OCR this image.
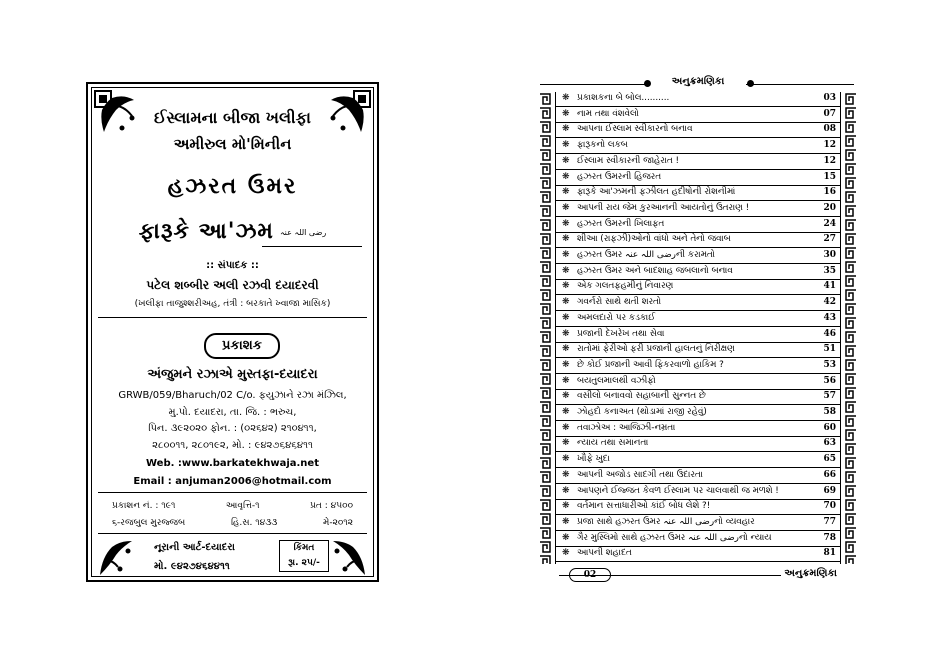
ઈસ્લામના બીજા ખલીફા
અમીરુલ મો'મિનીન
હઝરત ઉમર
ફારૂકે આ'ઝમ رضی اللہ عنہ
:: સંપાદક ::
પટેલ શબ્બીર અલી રઝવી દયાદરવી
(ખલીફા તાજુશ્શરીઅહ, તંત્રી : બરકાતે ખ્વાજા માસિક)
પ્રકાશક
અંજુમને રઝાએ મુસ્તફા-દયાદરા
GRWB/059/Bharuch/02 C/o. ફયુઝાને રઝા મંઝિલ,
મુ.પો. દયાદરા, તા. જિ. : ભરુચ,
પિન. ૩૯૨૦૨૦ ફોન. : (૦૨૬૪૨) ૨૧૦૪૧૧,
૨૮૦૦૧૧, ૨૮૦૧૯૨, મો. : ૯૪૨૭૬૪૬૪૧૧
Web. :www.barkatekhwaja.net
Email : anjuman2006@hotmail.com
પ્રકાશન નં. : ૧૯૧	આવૃત્તિ-૧	પ્રત : ૪૫૦૦
૬-રજબુલ મુરજ્જબ	હિ.સ. ૧૪૩૩	મે-૨૦૧૨
નૂરાની આર્ટ-દયાદરા
મો. ૯૪૨૭૪૬૪૪૧૧
કિંમત
રૂા. ૨૫/-
અનુક્રમણિકા
❋ પ્રકાશકના બે બોલ..........	03
❋ નામ તથા વંશવેલો	07
❋ આપના ઈસ્લામ સ્વીકારનો બનાવ	08
❋ ફારૂકનો લકબ	12
❋ ઈસ્લામ સ્વીકારની જાહેરાત !	12
❋ હઝરત ઉમરની હિજરત	15
❋ ફારૂકે આ'ઝમની ફઝીલત હદીષોની રોશનીમાં	16
❋ આપની રાય જેમ કુરઆનની આયતોનું ઉતરાણ !	20
❋ હઝરત ઉમરની ખિલાફત	24
❋ શીઆ (રાફઝી)ઓનો વાંધો અને તેનો જવાબ	27
❋ હઝરત ઉમર رضی اللہ عنہની કરામતો	30
❋ હઝરત ઉમર અને બાદશાહ જબલાનો બનાવ	35
❋ એક ગલતફહમીનું નિવારણ	41
❋ ગવર્નરો સાથે થતી શરતો	42
❋ અમલદારો પર કડકાઈ	43
❋ પ્રજાની દેખરેખ તથા સેવા	46
❋ રાતોમાં ફેરીઓ ફરી પ્રજાની હાલતનું નિરીક્ષણ	51
❋ છે કોઈ પ્રજાની આવી ફિકરવાળો હાકિમ ?	53
❋ બયતુલમાલથી વઝીફો	56
❋ વસીલો બનાવવો સહાબાની સુન્નત છે	57
❋ ઝોહદો કનાઅત (થોડામાં રાજી રહેવું)	58
❋ તવાઝોઅ : આજિઝી-નમ્રતા	60
❋ ન્યાય તથા સમાનતા	63
❋ ખૌફે ખુદા	65
❋ આપની અજોડ સાદગી તથા ઉદારતા	66
❋ આપણને ઈજ્જત કેવળ ઈસ્લામ પર ચાલવાથી જ મળશે !	69
❋ વર્તમાન સત્તાધારીઓ કાંઈ બોધ લેશે ?!	70
❋ પ્રજા સાથે હઝરત ઉમર رضی اللہ عنہનો વ્યવહાર	77
❋ ગૈર મુસ્લિમો સાથે હઝરત ઉમર رضی اللہ عنہનો ન્યાય	78
❋ આપની શહાદત	81
02	અનુક્રમણિકા
